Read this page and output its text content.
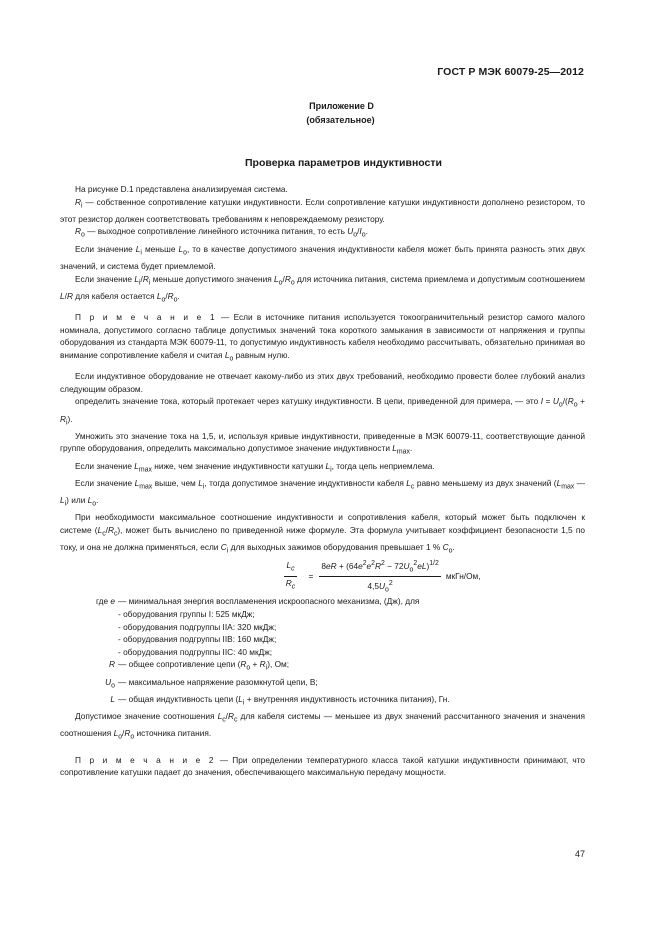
ГОСТ Р МЭК 60079-25—2012
Приложение D
(обязательное)
Проверка параметров индуктивности

На рисунке D.1 представлена анализируемая система.

$R_i$ — собственное сопротивление катушки индуктивности. Если сопротивление катушки индуктивности дополнено резистором, то этот резистор должен соответствовать требованиям к неповреждаемому резистору.

$R_o$ — выходное сопротивление линейного источника питания, то есть $U_o/I_o$.

Если значение $L_i$ меньше $L_o$, то в качестве допустимого значения индуктивности кабеля может быть принята разность этих двух значений, и система будет приемлемой.

Если значение $L_i/R_i$ меньше допустимого значения $L_o/R_o$ для источника питания, система приемлема и допустимым соотношением L/R для кабеля остается $L_o/R_o$.

П р и м е ч а н и е 1 — Если в источнике питания используется токоограничительный резистор самого малого номинала, допустимого согласно таблице допустимых значений тока короткого замыкания в зависимости от напряжения и группы оборудования из стандарта МЭК 60079-11, то допустимую индуктивность кабеля необходимо рассчитывать, обязательно принимая во внимание сопротивление кабеля и считая $L_o$ равным нулю.

Если индуктивное оборудование не отвечает какому-либо из этих двух требований, необходимо провести более глубокий анализ следующим образом.

определить значение тока, который протекает через катушку индуктивности. В цепи, приведенной для примера, — это $I = U_o/(R_o + R_i)$.

Умножить это значение тока на 1,5, и, используя кривые индуктивности, приведенные в МЭК 60079-11, соответствующие данной группе оборудования, определить максимально допустимое значение индуктивности $L_{max}$.

Если значение $L_{max}$ ниже, чем значение индуктивности катушки $L_i$, тогда цепь неприемлема.

Если значение $L_{max}$ выше, чем $L_i$, тогда допустимое значение индуктивности кабеля $L_c$ равно меньшему из двух значений ($L_{max}$ — $L_i$) или $L_o$.

При необходимости максимальное соотношение индуктивности и сопротивления кабеля, который может быть подключен к системе $(L_c/R_c)$, может быть вычислено по приведенной ниже формуле. Эта формула учитывает коэффициент безопасности 1,5 по току, и она не должна применяться, если $C_i$ для выходных зажимов оборудования превышает 1 % $C_o$.

$\frac{L_c}{R_c} = \frac{8eR + (64e^2e^2R^2 - 72U_o^2eL)^{1/2}}{4,5U_o^2}$ мкГн/Ом,
где e — минимальная энергия воспламенения искроопасного механизма, (Дж), для
- оборудования группы I: 525 мкДж;
- оборудования подгруппы IIA: 320 мкДж;
- оборудования подгруппы IIB: 160 мкДж;
- оборудования подгруппы IIC: 40 мкДж;
R — общее сопротивление цепи $(R_o + R_i)$, Ом;
$U_o$ — максимальное напряжение разомкнутой цепи, В;
L — общая индуктивность цепи ($L_i$ + внутренняя индуктивность источника питания), Гн.

Допустимое значение соотношения $L_c/R_c$ для кабеля системы — меньшее из двух значений рассчитанного значения и значения соотношения $L_o/R_o$ источника питания.

П р и м е ч а н и е 2 — При определении температурного класса такой катушки индуктивности принимают, что сопротивление катушки падает до значения, обеспечивающего максимальную передачу мощности.

47
